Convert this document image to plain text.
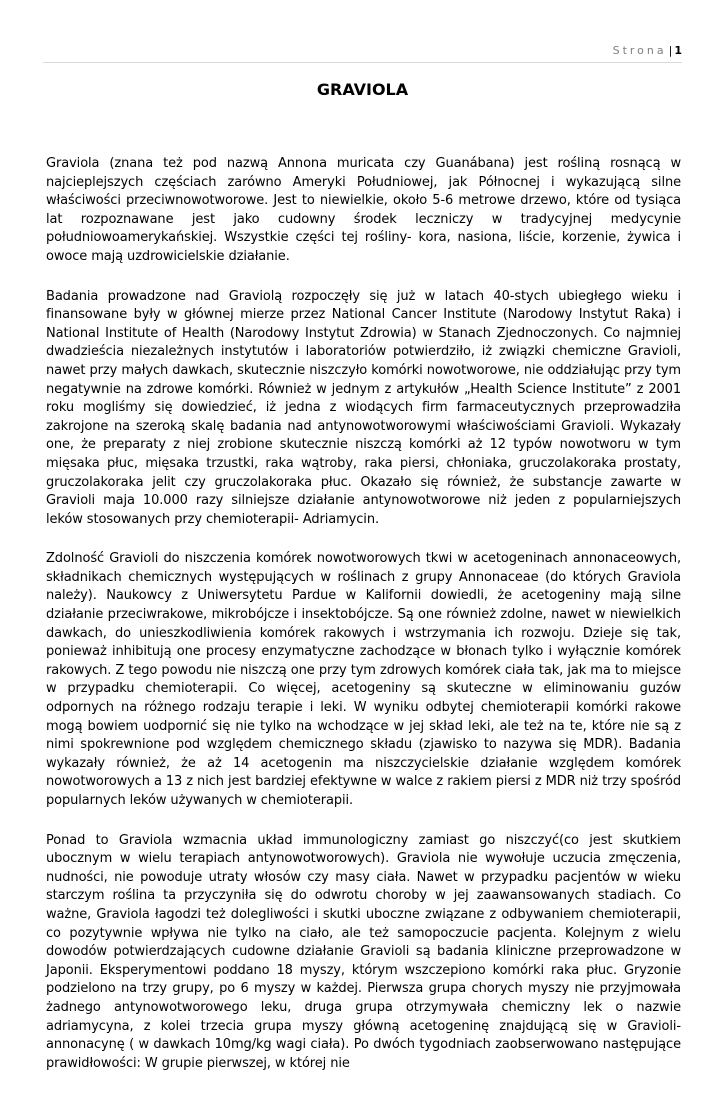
Strona | 1
GRAVIOLA

Graviola (znana też pod nazwą Annona muricata czy Guanábana) jest rośliną rosnącą w najcieplejszych częściach zarówno Ameryki Południowej, jak Północnej i wykazującą silne właściwości przeciwnowotworowe. Jest to niewielkie, około 5-6 metrowe drzewo, które od tysiąca lat rozpoznawane jest jako cudowny środek leczniczy w tradycyjnej medycynie południowoamerykańskiej. Wszystkie części tej rośliny- kora, nasiona, liście, korzenie, żywica i owoce mają uzdrowicielskie działanie.

Badania prowadzone nad Graviolą rozpoczęły się już w latach 40-stych ubiegłego wieku i finansowane były w głównej mierze przez National Cancer Institute (Narodowy Instytut Raka) i National Institute of Health (Narodowy Instytut Zdrowia) w Stanach Zjednoczonych. Co najmniej dwadzieścia niezależnych instytutów i laboratoriów potwierdziło, iż związki chemiczne Gravioli, nawet przy małych dawkach, skutecznie niszczyło komórki nowotworowe, nie oddziałując przy tym negatywnie na zdrowe komórki. Również w jednym z artykułów „Health Science Institute” z 2001 roku mogliśmy się dowiedzieć, iż jedna z wiodących firm farmaceutycznych przeprowadziła zakrojone na szeroką skalę badania nad antynowotworowymi właściwościami Gravioli. Wykazały one, że preparaty z niej zrobione skutecznie niszczą komórki aż 12 typów nowotworu w tym mięsaka płuc, mięsaka trzustki, raka wątroby, raka piersi, chłoniaka, gruczolakoraka prostaty, gruczolakoraka jelit czy gruczolakoraka płuc. Okazało się również, że substancje zawarte w Gravioli maja 10.000 razy silniejsze działanie antynowotworowe niż jeden z popularniejszych leków stosowanych przy chemioterapii- Adriamycin.

Zdolność Gravioli do niszczenia komórek nowotworowych tkwi w acetogeninach annonaceowych, składnikach chemicznych występujących w roślinach z grupy Annonaceae (do których Graviola należy). Naukowcy z Uniwersytetu Pardue w Kalifornii dowiedli, że acetogeniny mają silne działanie przeciwrakowe, mikrobójcze i insektobójcze. Są one również zdolne, nawet w niewielkich dawkach, do unieszkodliwienia komórek rakowych i wstrzymania ich rozwoju. Dzieje się tak, ponieważ inhibitują one procesy enzymatyczne zachodzące w błonach tylko i wyłącznie komórek rakowych. Z tego powodu nie niszczą one przy tym zdrowych komórek ciała tak, jak ma to miejsce w przypadku chemioterapii. Co więcej, acetogeniny są skuteczne w eliminowaniu guzów odpornych na różnego rodzaju terapie i leki. W wyniku odbytej chemioterapii komórki rakowe mogą bowiem uodpornić się nie tylko na wchodzące w jej skład leki, ale też na te, które nie są z nimi spokrewnione pod względem chemicznego składu (zjawisko to nazywa się MDR). Badania wykazały również, że aż 14 acetogenin ma niszczycielskie działanie względem komórek nowotworowych a 13 z nich jest bardziej efektywne w walce z rakiem piersi z MDR niż trzy spośród popularnych leków używanych w chemioterapii.

Ponad to Graviola wzmacnia układ immunologiczny zamiast go niszczyć(co jest skutkiem ubocznym w wielu terapiach antynowotworowych). Graviola nie wywołuje uczucia zmęczenia, nudności, nie powoduje utraty włosów czy masy ciała. Nawet w przypadku pacjentów w wieku starczym roślina ta przyczyniła się do odwrotu choroby w jej zaawansowanych stadiach. Co ważne, Graviola łagodzi też dolegliwości i skutki uboczne związane z odbywaniem chemioterapii, co pozytywnie wpływa nie tylko na ciało, ale też samopoczucie pacjenta. Kolejnym z wielu dowodów potwierdzających cudowne działanie Gravioli są badania kliniczne przeprowadzone w Japonii. Eksperymentowi poddano 18 myszy, którym wszczepiono komórki raka płuc. Gryzonie podzielono na trzy grupy, po 6 myszy w każdej. Pierwsza grupa chorych myszy nie przyjmowała żadnego antynowotworowego leku, druga grupa otrzymywała chemiczny lek o nazwie adriamycyna, z kolei trzecia grupa myszy główną acetogeninę znajdującą się w Gravioli-annonacynę ( w dawkach 10mg/kg wagi ciała). Po dwóch tygodniach zaobserwowano następujące prawidłowości: W grupie pierwszej, w której nie
